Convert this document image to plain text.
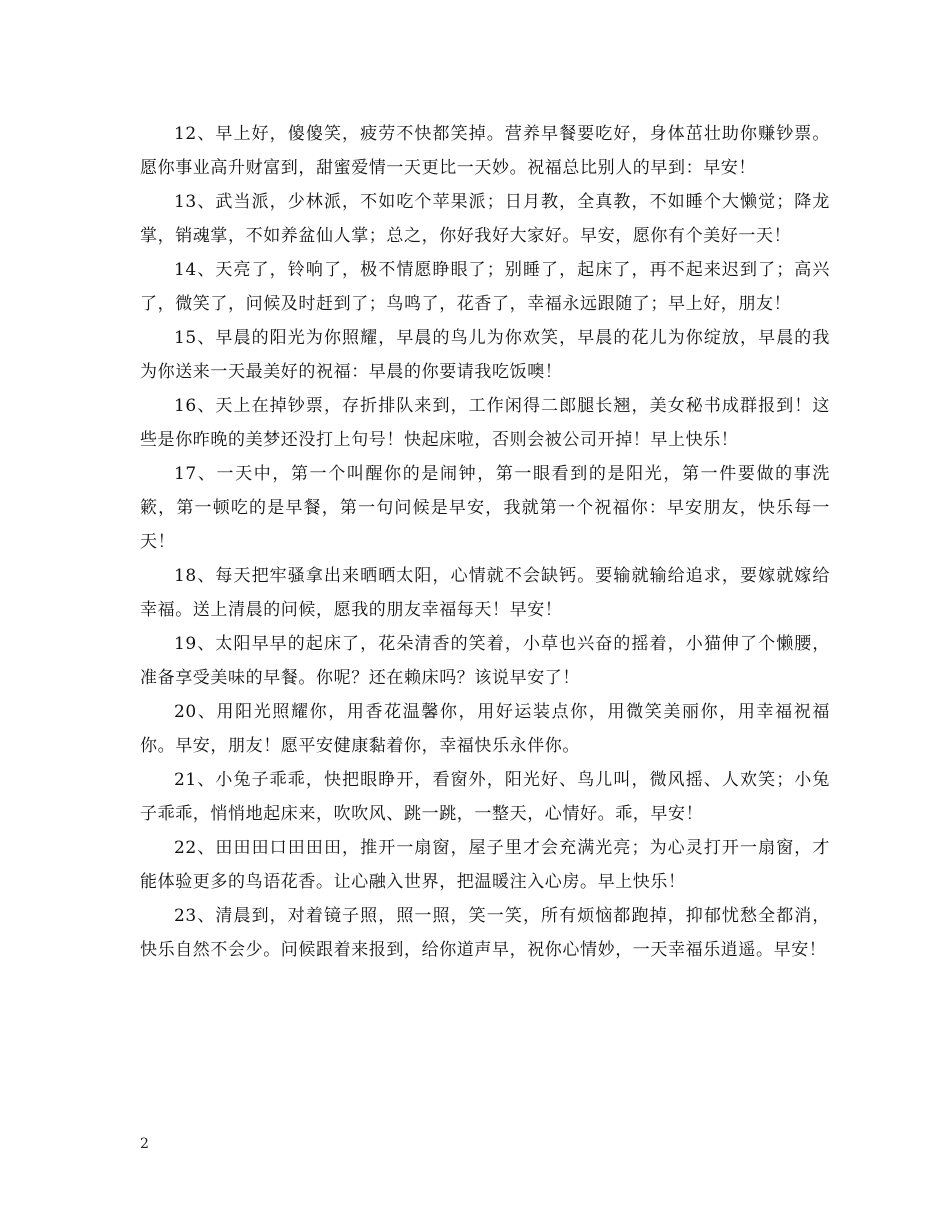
12、早上好，傻傻笑，疲劳不快都笑掉。营养早餐要吃好，身体茁壮助你赚钞票。愿你事业高升财富到，甜蜜爱情一天更比一天妙。祝福总比别人的早到：早安！

13、武当派，少林派，不如吃个苹果派；日月教，全真教，不如睡个大懒觉；降龙掌，销魂掌，不如养盆仙人掌；总之，你好我好大家好。早安，愿你有个美好一天！

14、天亮了，铃响了，极不情愿睁眼了；别睡了，起床了，再不起来迟到了；高兴了，微笑了，问候及时赶到了；鸟鸣了，花香了，幸福永远跟随了；早上好，朋友！

15、早晨的阳光为你照耀，早晨的鸟儿为你欢笑，早晨的花儿为你绽放，早晨的我为你送来一天最美好的祝福：早晨的你要请我吃饭噢！

16、天上在掉钞票，存折排队来到，工作闲得二郎腿长翘，美女秘书成群报到！这些是你昨晚的美梦还没打上句号！快起床啦，否则会被公司开掉！早上快乐！

17、一天中，第一个叫醒你的是闹钟，第一眼看到的是阳光，第一件要做的事洗簌，第一顿吃的是早餐，第一句问候是早安，我就第一个祝福你：早安朋友，快乐每一天！

18、每天把牢骚拿出来晒晒太阳，心情就不会缺钙。要输就输给追求，要嫁就嫁给幸福。送上清晨的问候，愿我的朋友幸福每天！早安！

19、太阳早早的起床了，花朵清香的笑着，小草也兴奋的摇着，小猫伸了个懒腰，准备享受美味的早餐。你呢？还在赖床吗？该说早安了！

20、用阳光照耀你，用香花温馨你，用好运装点你，用微笑美丽你，用幸福祝福你。早安，朋友！愿平安健康黏着你，幸福快乐永伴你。

21、小兔子乖乖，快把眼睁开，看窗外，阳光好、鸟儿叫，微风摇、人欢笑；小兔子乖乖，悄悄地起床来，吹吹风、跳一跳，一整天，心情好。乖，早安！

22、田田田口田田田，推开一扇窗，屋子里才会充满光亮；为心灵打开一扇窗，才能体验更多的鸟语花香。让心融入世界，把温暖注入心房。早上快乐！

23、清晨到，对着镜子照，照一照，笑一笑，所有烦恼都跑掉，抑郁忧愁全都消，快乐自然不会少。问候跟着来报到，给你道声早，祝你心情妙，一天幸福乐逍遥。早安！

2
